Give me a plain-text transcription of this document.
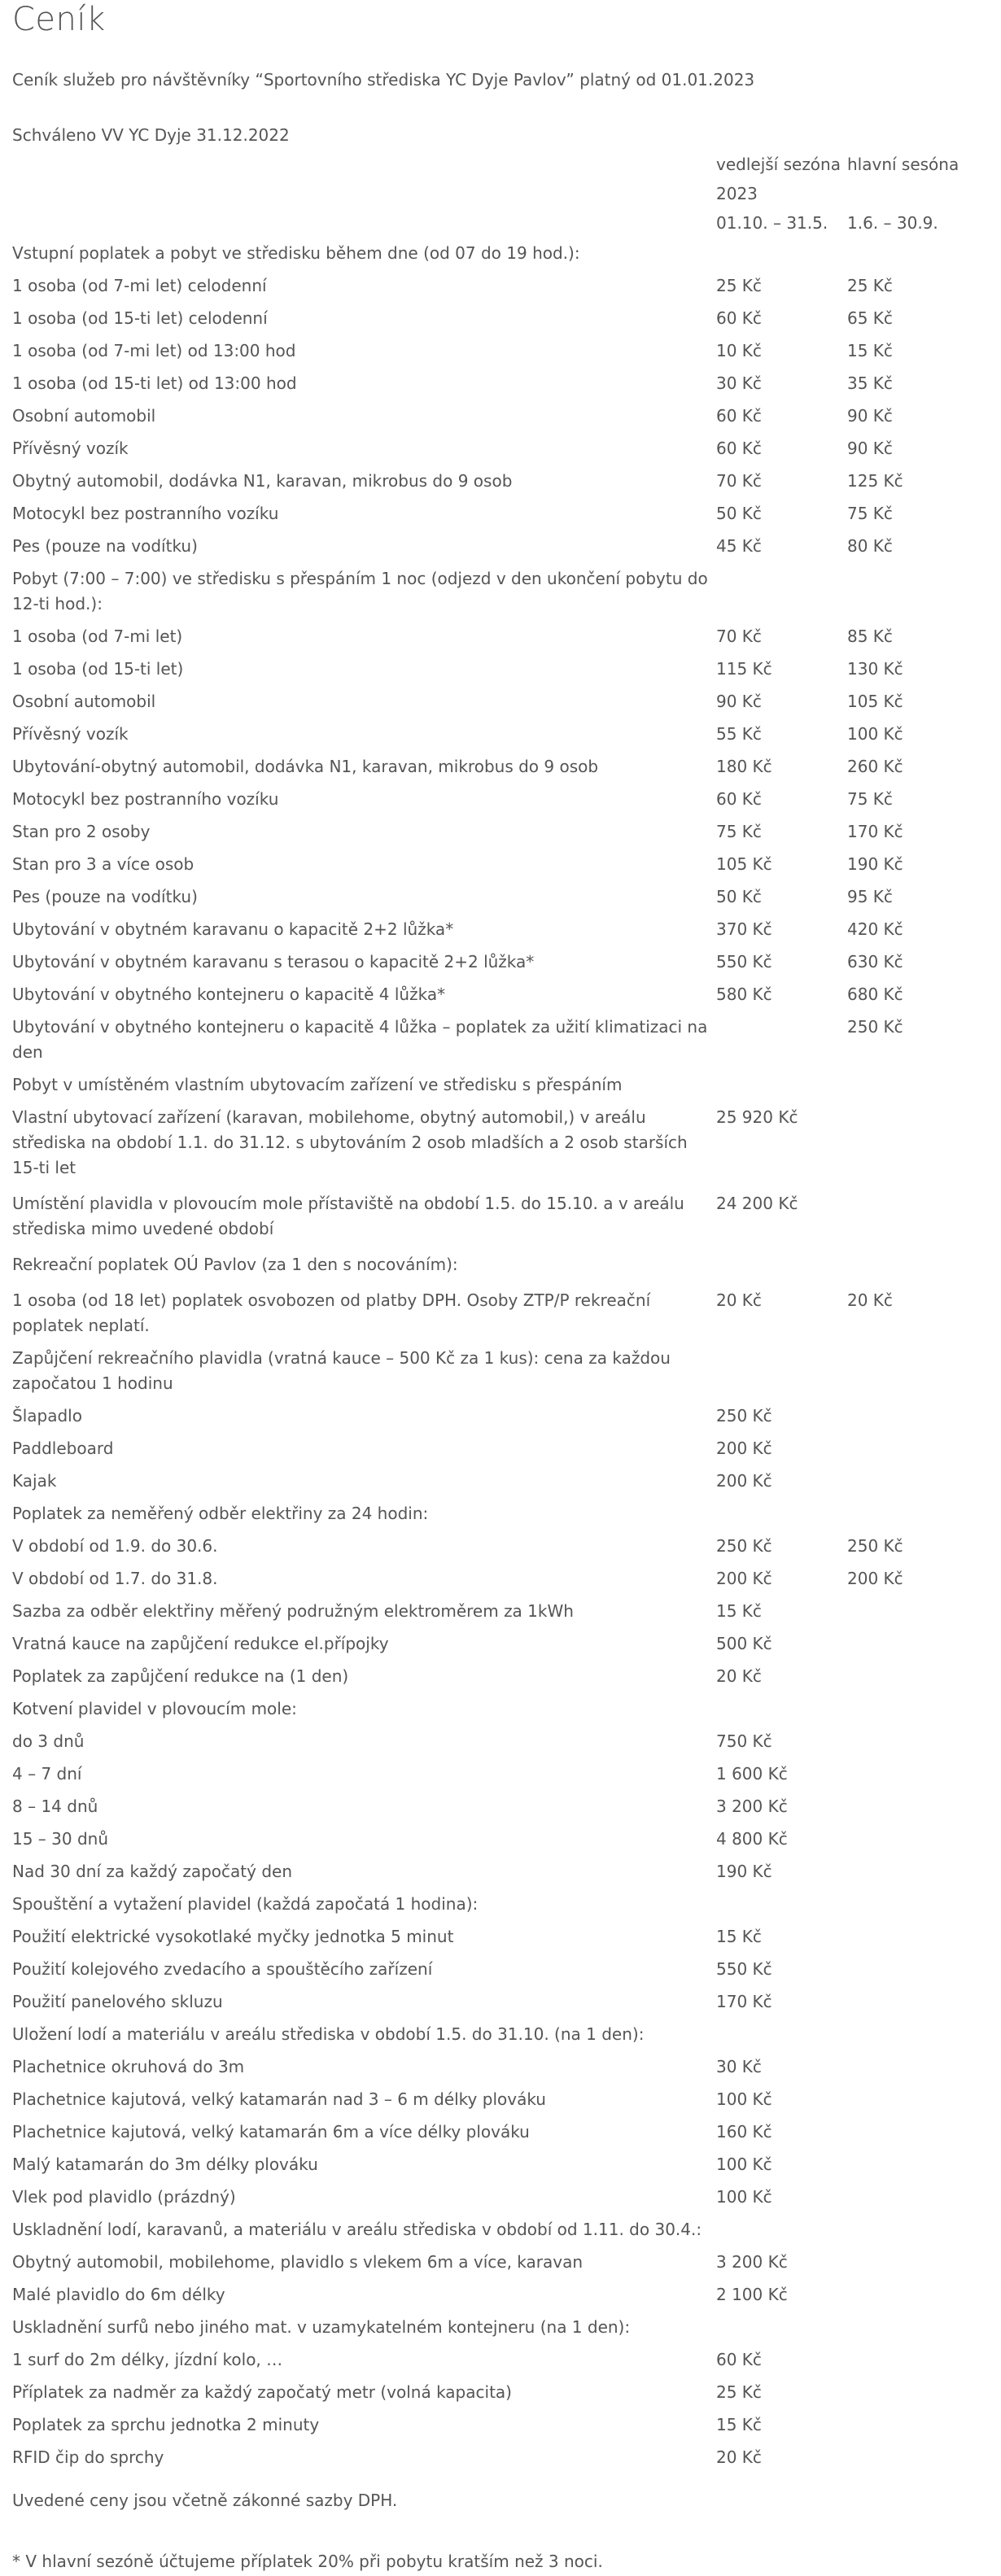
Ceník

Ceník služeb pro návštěvníky “Sportovního střediska YC Dyje Pavlov” platný od 01.01.2023

Schváleno VV YC Dyje 31.12.2022

vedlejší sezóna hlavní sesóna
2023
01.10. – 31.5. 1.6. – 30.9.
Vstupní poplatek a pobyt ve středisku během dne (od 07 do 19 hod.):		
1 osoba (od 7-mi let) celodenní	25 Kč	25 Kč
1 osoba (od 15-ti let) celodenní	60 Kč	65 Kč
1 osoba (od 7-mi let) od 13:00 hod	10 Kč	15 Kč
1 osoba (od 15-ti let) od 13:00 hod	30 Kč	35 Kč
Osobní automobil	60 Kč	90 Kč
Přívěsný vozík	60 Kč	90 Kč
Obytný automobil, dodávka N1, karavan, mikrobus do 9 osob	70 Kč	125 Kč
Motocykl bez postranního vozíku	50 Kč	75 Kč
Pes (pouze na vodítku)	45 Kč	80 Kč
Pobyt (7:00 – 7:00) ve středisku s přespáním 1 noc (odjezd v den ukončení pobytu do 12-ti hod.):		
1 osoba (od 7-mi let)	70 Kč	85 Kč
1 osoba (od 15-ti let)	115 Kč	130 Kč
Osobní automobil	90 Kč	105 Kč
Přívěsný vozík	55 Kč	100 Kč
Ubytování-obytný automobil, dodávka N1, karavan, mikrobus do 9 osob	180 Kč	260 Kč
Motocykl bez postranního vozíku	60 Kč	75 Kč
Stan pro 2 osoby	75 Kč	170 Kč
Stan pro 3 a více osob	105 Kč	190 Kč
Pes (pouze na vodítku)	50 Kč	95 Kč
Ubytování v obytném karavanu o kapacitě 2+2 lůžka*	370 Kč	420 Kč
Ubytování v obytném karavanu s terasou o kapacitě 2+2 lůžka*	550 Kč	630 Kč
Ubytování v obytného kontejneru o kapacitě 4 lůžka*	580 Kč	680 Kč
Ubytování v obytného kontejneru o kapacitě 4 lůžka – poplatek za užití klimatizaci na den		250 Kč
Pobyt v umístěném vlastním ubytovacím zařízení ve středisku s přespáním		
Vlastní ubytovací zařízení (karavan, mobilehome, obytný automobil,) v areálu střediska na období 1.1. do 31.12. s ubytováním 2 osob mladších a 2 osob starších 15-ti let	25 920 Kč	
Umístění plavidla v plovoucím mole přístaviště na období 1.5. do 15.10. a v areálu střediska mimo uvedené období	24 200 Kč	
Rekreační poplatek OÚ Pavlov (za 1 den s nocováním):		
1 osoba (od 18 let) poplatek osvobozen od platby DPH. Osoby ZTP/P rekreační poplatek neplatí.	20 Kč	20 Kč
Zapůjčení rekreačního plavidla (vratná kauce – 500 Kč za 1 kus): cena za každou započatou 1 hodinu		
Šlapadlo	250 Kč	
Paddleboard	200 Kč	
Kajak	200 Kč	
Poplatek za neměřený odběr elektřiny za 24 hodin:		
V období od 1.9. do 30.6.	250 Kč	250 Kč
V období od 1.7. do 31.8.	200 Kč	200 Kč
Sazba za odběr elektřiny měřený podružným elektroměrem za 1kWh	15 Kč	
Vratná kauce na zapůjčení redukce el.přípojky	500 Kč	
Poplatek za zapůjčení redukce na (1 den)	20 Kč	
Kotvení plavidel v plovoucím mole:		
do 3 dnů	750 Kč	
4 – 7 dní	1 600 Kč	
8 – 14 dnů	3 200 Kč	
15 – 30 dnů	4 800 Kč	
Nad 30 dní za každý započatý den	190 Kč	
Spouštění a vytažení plavidel (každá započatá 1 hodina):		
Použití elektrické vysokotlaké myčky jednotka 5 minut	15 Kč	
Použití kolejového zvedacího a spouštěcího zařízení	550 Kč	
Použití panelového skluzu	170 Kč	
Uložení lodí a materiálu v areálu střediska v období 1.5. do 31.10. (na 1 den):		
Plachetnice okruhová do 3m	30 Kč	
Plachetnice kajutová, velký katamarán nad 3 – 6 m délky plováku	100 Kč	
Plachetnice kajutová, velký katamarán 6m a více délky plováku	160 Kč	
Malý katamarán do 3m délky plováku	100 Kč	
Vlek pod plavidlo (prázdný)	100 Kč	
Uskladnění lodí, karavanů, a materiálu v areálu střediska v období od 1.11. do 30.4.:		
Obytný automobil, mobilehome, plavidlo s vlekem 6m a více, karavan	3 200 Kč	
Malé plavidlo do 6m délky	2 100 Kč	
Uskladnění surfů nebo jiného mat. v uzamykatelném kontejneru (na 1 den):		
1 surf do 2m délky, jízdní kolo, …	60 Kč	
Příplatek za nadměr za každý započatý metr (volná kapacita)	25 Kč	
Poplatek za sprchu jednotka 2 minuty	15 Kč	
RFID čip do sprchy	20 Kč	

Uvedené ceny jsou včetně zákonné sazby DPH.

* V hlavní sezóně účtujeme příplatek 20% při pobytu kratším než 3 noci.
